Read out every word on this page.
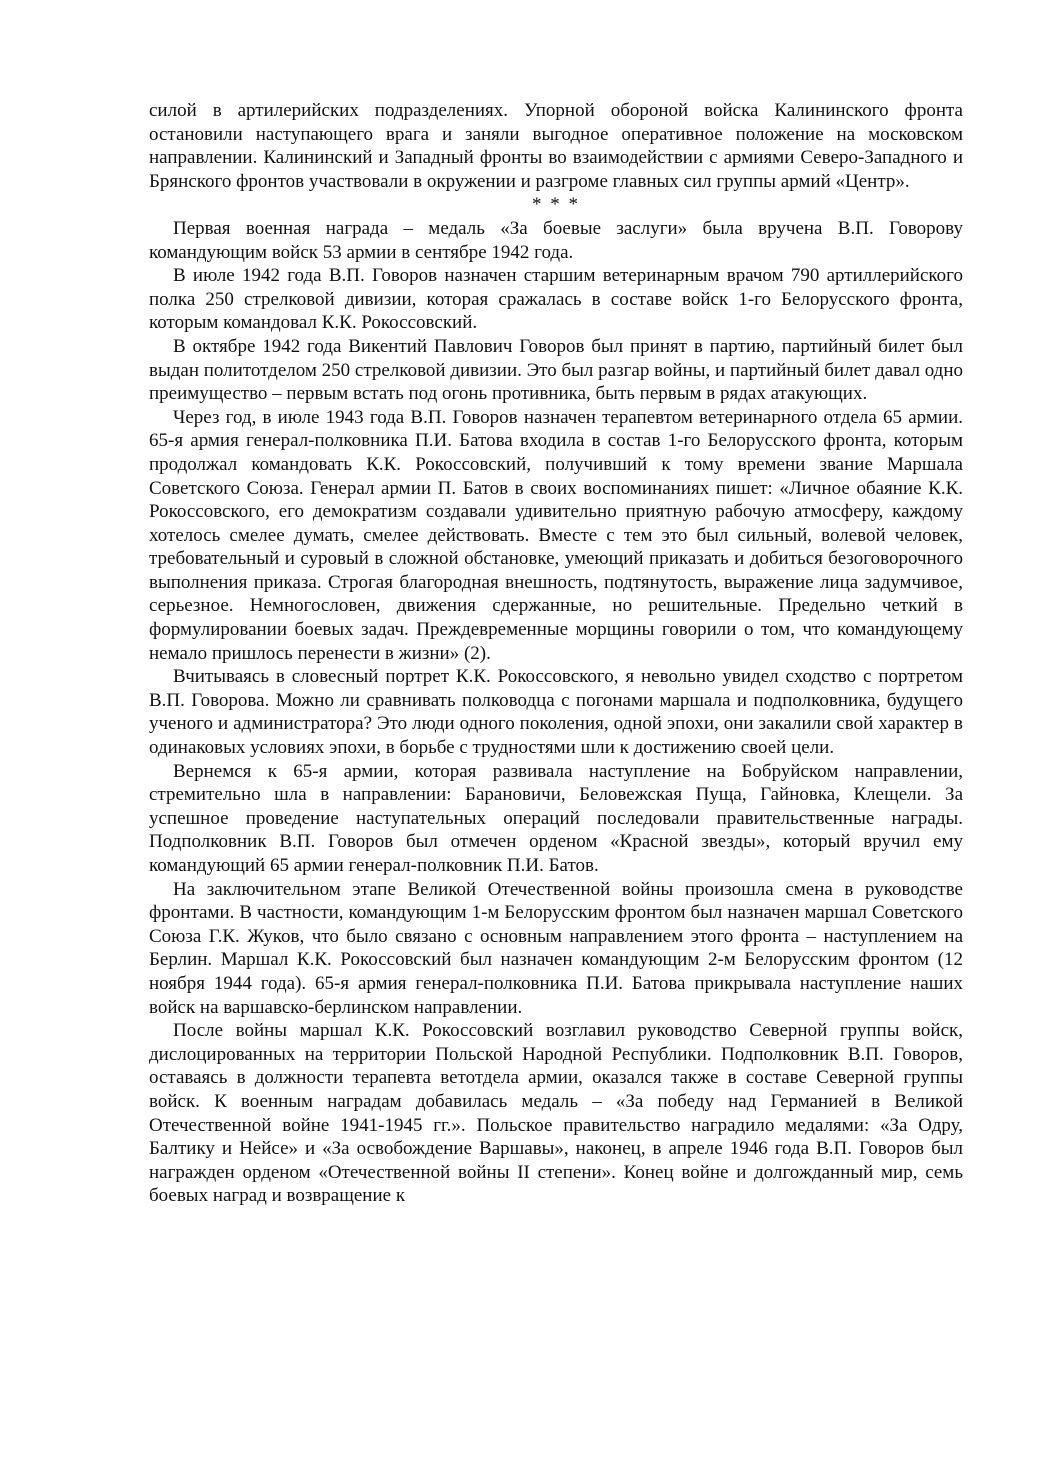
силой в артилерийских подразделениях. Упорной обороной войска Калининского фронта остановили наступающего врага и заняли выгодное оперативное положение на московском направлении. Калининский и Западный фронты во взаимодействии с армиями Северо-Западного и Брянского фронтов участвовали в окружении и разгроме главных сил группы армий «Центр».

* * *

Первая военная награда – медаль «За боевые заслуги» была вручена В.П. Говорову командующим войск 53 армии в сентябре 1942 года.

В июле 1942 года В.П. Говоров назначен старшим ветеринарным врачом 790 артиллерийского полка 250 стрелковой дивизии, которая сражалась в составе войск 1-го Белорусского фронта, которым командовал К.К. Рокоссовский.

В октябре 1942 года Викентий Павлович Говоров был принят в партию, партийный билет был выдан политотделом 250 стрелковой дивизии. Это был разгар войны, и партийный билет давал одно преимущество – первым встать под огонь противника, быть первым в рядах атакующих.

Через год, в июле 1943 года В.П. Говоров назначен терапевтом ветеринарного отдела 65 армии. 65-я армия генерал-полковника П.И. Батова входила в состав 1-го Белорусского фронта, которым продолжал командовать К.К. Рокоссовский, получивший к тому времени звание Маршала Советского Союза. Генерал армии П. Батов в своих воспоминаниях пишет: «Личное обаяние К.К. Рокоссовского, его демократизм создавали удивительно приятную рабочую атмосферу, каждому хотелось смелее думать, смелее действовать. Вместе с тем это был сильный, волевой человек, требовательный и суровый в сложной обстановке, умеющий приказать и добиться безоговорочного выполнения приказа. Строгая благородная внешность, подтянутость, выражение лица задумчивое, серьезное. Немногословен, движения сдержанные, но решительные. Предельно четкий в формулировании боевых задач. Преждевременные морщины говорили о том, что командующему немало пришлось перенести в жизни» (2).

Вчитываясь в словесный портрет К.К. Рокоссовского, я невольно увидел сходство с портретом В.П. Говорова. Можно ли сравнивать полководца с погонами маршала и подполковника, будущего ученого и администратора? Это люди одного поколения, одной эпохи, они закалили свой характер в одинаковых условиях эпохи, в борьбе с трудностями шли к достижению своей цели.

Вернемся к 65-я армии, которая развивала наступление на Бобруйском направлении, стремительно шла в направлении: Барановичи, Беловежская Пуща, Гайновка, Клещели. За успешное проведение наступательных операций последовали правительственные награды. Подполковник В.П. Говоров был отмечен орденом «Красной звезды», который вручил ему командующий 65 армии генерал-полковник П.И. Батов.

На заключительном этапе Великой Отечественной войны произошла смена в руководстве фронтами. В частности, командующим 1-м Белорусским фронтом был назначен маршал Советского Союза Г.К. Жуков, что было связано с основным направлением этого фронта – наступлением на Берлин. Маршал К.К. Рокоссовский был назначен командующим 2-м Белорусским фронтом (12 ноября 1944 года). 65-я армия генерал-полковника П.И. Батова прикрывала наступление наших войск на варшавско-берлинском направлении.

После войны маршал К.К. Рокоссовский возглавил руководство Северной группы войск, дислоцированных на территории Польской Народной Республики. Подполковник В.П. Говоров, оставаясь в должности терапевта ветотдела армии, оказался также в составе Северной группы войск. К военным наградам добавилась медаль – «За победу над Германией в Великой Отечественной войне 1941-1945 гг.». Польское правительство наградило медалями: «За Одру, Балтику и Нейсе» и «За освобождение Варшавы», наконец, в апреле 1946 года В.П. Говоров был награжден орденом «Отечественной войны II степени». Конец войне и долгожданный мир, семь боевых наград и возвращение к
